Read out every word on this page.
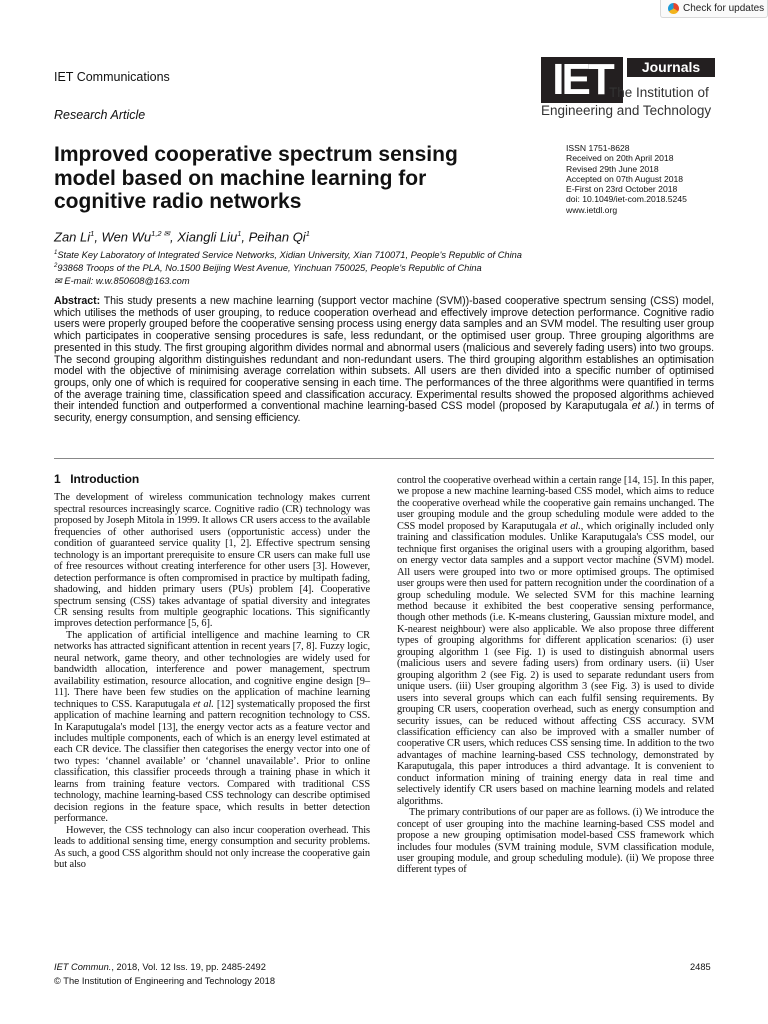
Check for updates
IET Communications
Research Article
IET	Journals
The Institution of
Engineering and Technology
Improved cooperative spectrum sensing model based on machine learning for cognitive radio networks
ISSN 1751-8628
Received on 20th April 2018
Revised 29th June 2018
Accepted on 07th August 2018
E-First on 23rd October 2018
doi: 10.1049/iet-com.2018.5245
www.ietdl.org
Zan Li$^1$, Wen Wu$^{1,2}$ ✉, Xiangli Liu$^1$, Peihan Qi$^1$
$^1$State Key Laboratory of Integrated Service Networks, Xidian University, Xian 710071, People's Republic of China
$^2$93868 Troops of the PLA, No.1500 Beijing West Avenue, Yinchuan 750025, People's Republic of China
✉ E-mail: w.w.850608@163.com
Abstract: This study presents a new machine learning (support vector machine (SVM))-based cooperative spectrum sensing (CSS) model, which utilises the methods of user grouping, to reduce cooperation overhead and effectively improve detection performance. Cognitive radio users were properly grouped before the cooperative sensing process using energy data samples and an SVM model. The resulting user group which participates in cooperative sensing procedures is safe, less redundant, or the optimised user group. Three grouping algorithms are presented in this study. The first grouping algorithm divides normal and abnormal users (malicious and severely fading users) into two groups. The second grouping algorithm distinguishes redundant and non-redundant users. The third grouping algorithm establishes an optimisation model with the objective of minimising average correlation within subsets. All users are then divided into a specific number of optimised groups, only one of which is required for cooperative sensing in each time. The performances of the three algorithms were quantified in terms of the average training time, classification speed and classification accuracy. Experimental results showed the proposed algorithms achieved their intended function and outperformed a conventional machine learning-based CSS model (proposed by Karaputugala et al.) in terms of security, energy consumption, and sensing efficiency.
1 Introduction

The development of wireless communication technology makes current spectral resources increasingly scarce. Cognitive radio (CR) technology was proposed by Joseph Mitola in 1999. It allows CR users access to the available frequencies of other authorised users (opportunistic access) under the condition of guaranteed service quality [1, 2]. Effective spectrum sensing technology is an important prerequisite to ensure CR users can make full use of free resources without creating interference for other users [3]. However, detection performance is often compromised in practice by multipath fading, shadowing, and hidden primary users (PUs) problem [4]. Cooperative spectrum sensing (CSS) takes advantage of spatial diversity and integrates CR sensing results from multiple geographic locations. This significantly improves detection performance [5, 6].

The application of artificial intelligence and machine learning to CR networks has attracted significant attention in recent years [7, 8]. Fuzzy logic, neural network, game theory, and other technologies are widely used for bandwidth allocation, interference and power management, spectrum availability estimation, resource allocation, and cognitive engine design [9–11]. There have been few studies on the application of machine learning techniques to CSS. Karaputugala et al. [12] systematically proposed the first application of machine learning and pattern recognition technology to CSS. In Karaputugala's model [13], the energy vector acts as a feature vector and includes multiple components, each of which is an energy level estimated at each CR device. The classifier then categorises the energy vector into one of two types: ‘channel available’ or ‘channel unavailable’. Prior to online classification, this classifier proceeds through a training phase in which it learns from training feature vectors. Compared with traditional CSS technology, machine learning-based CSS technology can describe optimised decision regions in the feature space, which results in better detection performance.

However, the CSS technology can also incur cooperation overhead. This leads to additional sensing time, energy consumption and security problems. As such, a good CSS algorithm should not only increase the cooperative gain but also

control the cooperative overhead within a certain range [14, 15]. In this paper, we propose a new machine learning-based CSS model, which aims to reduce the cooperative overhead while the cooperative gain remains unchanged. The user grouping module and the group scheduling module were added to the CSS model proposed by Karaputugala et al., which originally included only training and classification modules. Unlike Karaputugala's CSS model, our technique first organises the original users with a grouping algorithm, based on energy vector data samples and a support vector machine (SVM) model. All users were grouped into two or more optimised groups. The optimised user groups were then used for pattern recognition under the coordination of a group scheduling module. We selected SVM for this machine learning method because it exhibited the best cooperative sensing performance, though other methods (i.e. K-means clustering, Gaussian mixture model, and K-nearest neighbour) were also applicable. We also propose three different types of grouping algorithms for different application scenarios: (i) user grouping algorithm 1 (see Fig. 1) is used to distinguish abnormal users (malicious users and severe fading users) from ordinary users. (ii) User grouping algorithm 2 (see Fig. 2) is used to separate redundant users from unique users. (iii) User grouping algorithm 3 (see Fig. 3) is used to divide users into several groups which can each fulfil sensing requirements. By grouping CR users, cooperation overhead, such as energy consumption and security issues, can be reduced without affecting CSS accuracy. SVM classification efficiency can also be improved with a smaller number of cooperative CR users, which reduces CSS sensing time. In addition to the two advantages of machine learning-based CSS technology, demonstrated by Karaputugala, this paper introduces a third advantage. It is convenient to conduct information mining of training energy data in real time and selectively identify CR users based on machine learning models and related algorithms.

The primary contributions of our paper are as follows. (i) We introduce the concept of user grouping into the machine learning-based CSS model and propose a new grouping optimisation model-based CSS framework which includes four modules (SVM training module, SVM classification module, user grouping module, and group scheduling module). (ii) We propose three different types of

IET Commun., 2018, Vol. 12 Iss. 19, pp. 2485-2492
© The Institution of Engineering and Technology 2018
2485
